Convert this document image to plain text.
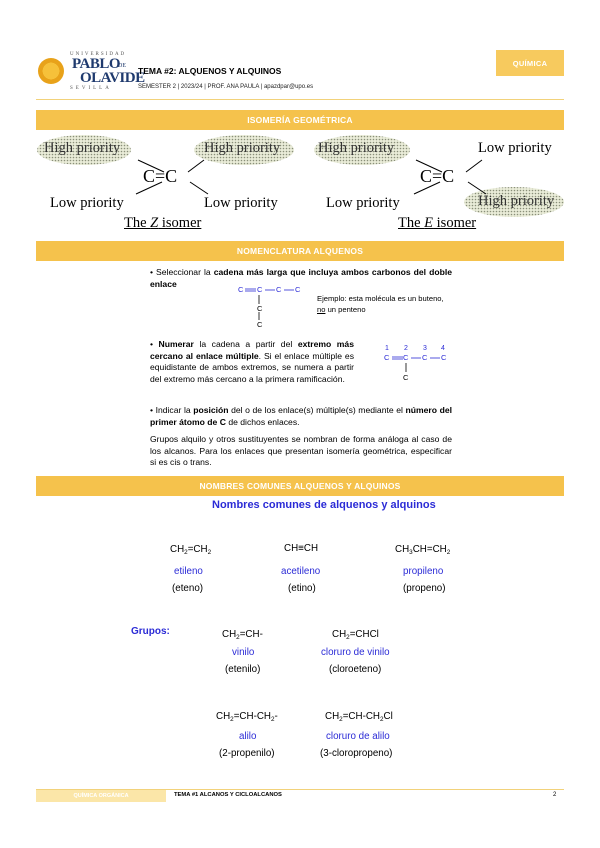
UNIVERSIDAD
PABLO
DE
OLAVIDE
SEVILLA
TEMA #2: ALQUENOS Y ALQUINOS
SEMESTER 2 | 2023/24 | PROF. ANA PAULA | apazdpar@upo.es
QUÍMICA
ISOMERÍA GEOMÉTRICA
High priority	High priority
C=C
Low priority	Low priority
The Z isomer
High priority	Low priority
C=C
Low priority	High priority
The E isomer
NOMENCLATURA ALQUENOS
• Seleccionar la cadena más larga que incluya ambos carbonos del doble enlace
C C C C
C
C
Ejemplo: esta molécula es un buteno, no un penteno
• Numerar la cadena a partir del extremo más cercano al enlace múltiple. Si el enlace múltiple es equidistante de ambos extremos, se numera a partir del extremo más cercano a la primera ramificación.
1 2 3 4
C C C C
C
• Indicar la posición del o de los enlace(s) múltiple(s) mediante el número del primer átomo de C de dichos enlaces.
Grupos alquilo y otros sustituyentes se nombran de forma análoga al caso de los alcanos. Para los enlaces que presentan isomería geométrica, especificar si es cis o trans.
NOMBRES COMUNES ALQUENOS Y ALQUINOS
Nombres comunes de alquenos y alquinos
$CH_2=CH_2$
etileno
(eteno)
CH≡CH
acetileno
(etino)
$CH_3CH=CH_2$
propileno
(propeno)
Grupos:	$CH_2=CH-$
vinilo
(etenilo)
$CH_2=CHCl$
cloruro de vinilo
(cloroeteno)
$CH_2=CH-CH_2-$
alilo
(2-propenilo)
$CH_2=CH-CH_2Cl$
cloruro de alilo
(3-cloropropeno)
QUÍMICA ORGÁNICA	TEMA #1 ALCANOS Y CICLOALCANOS	2
